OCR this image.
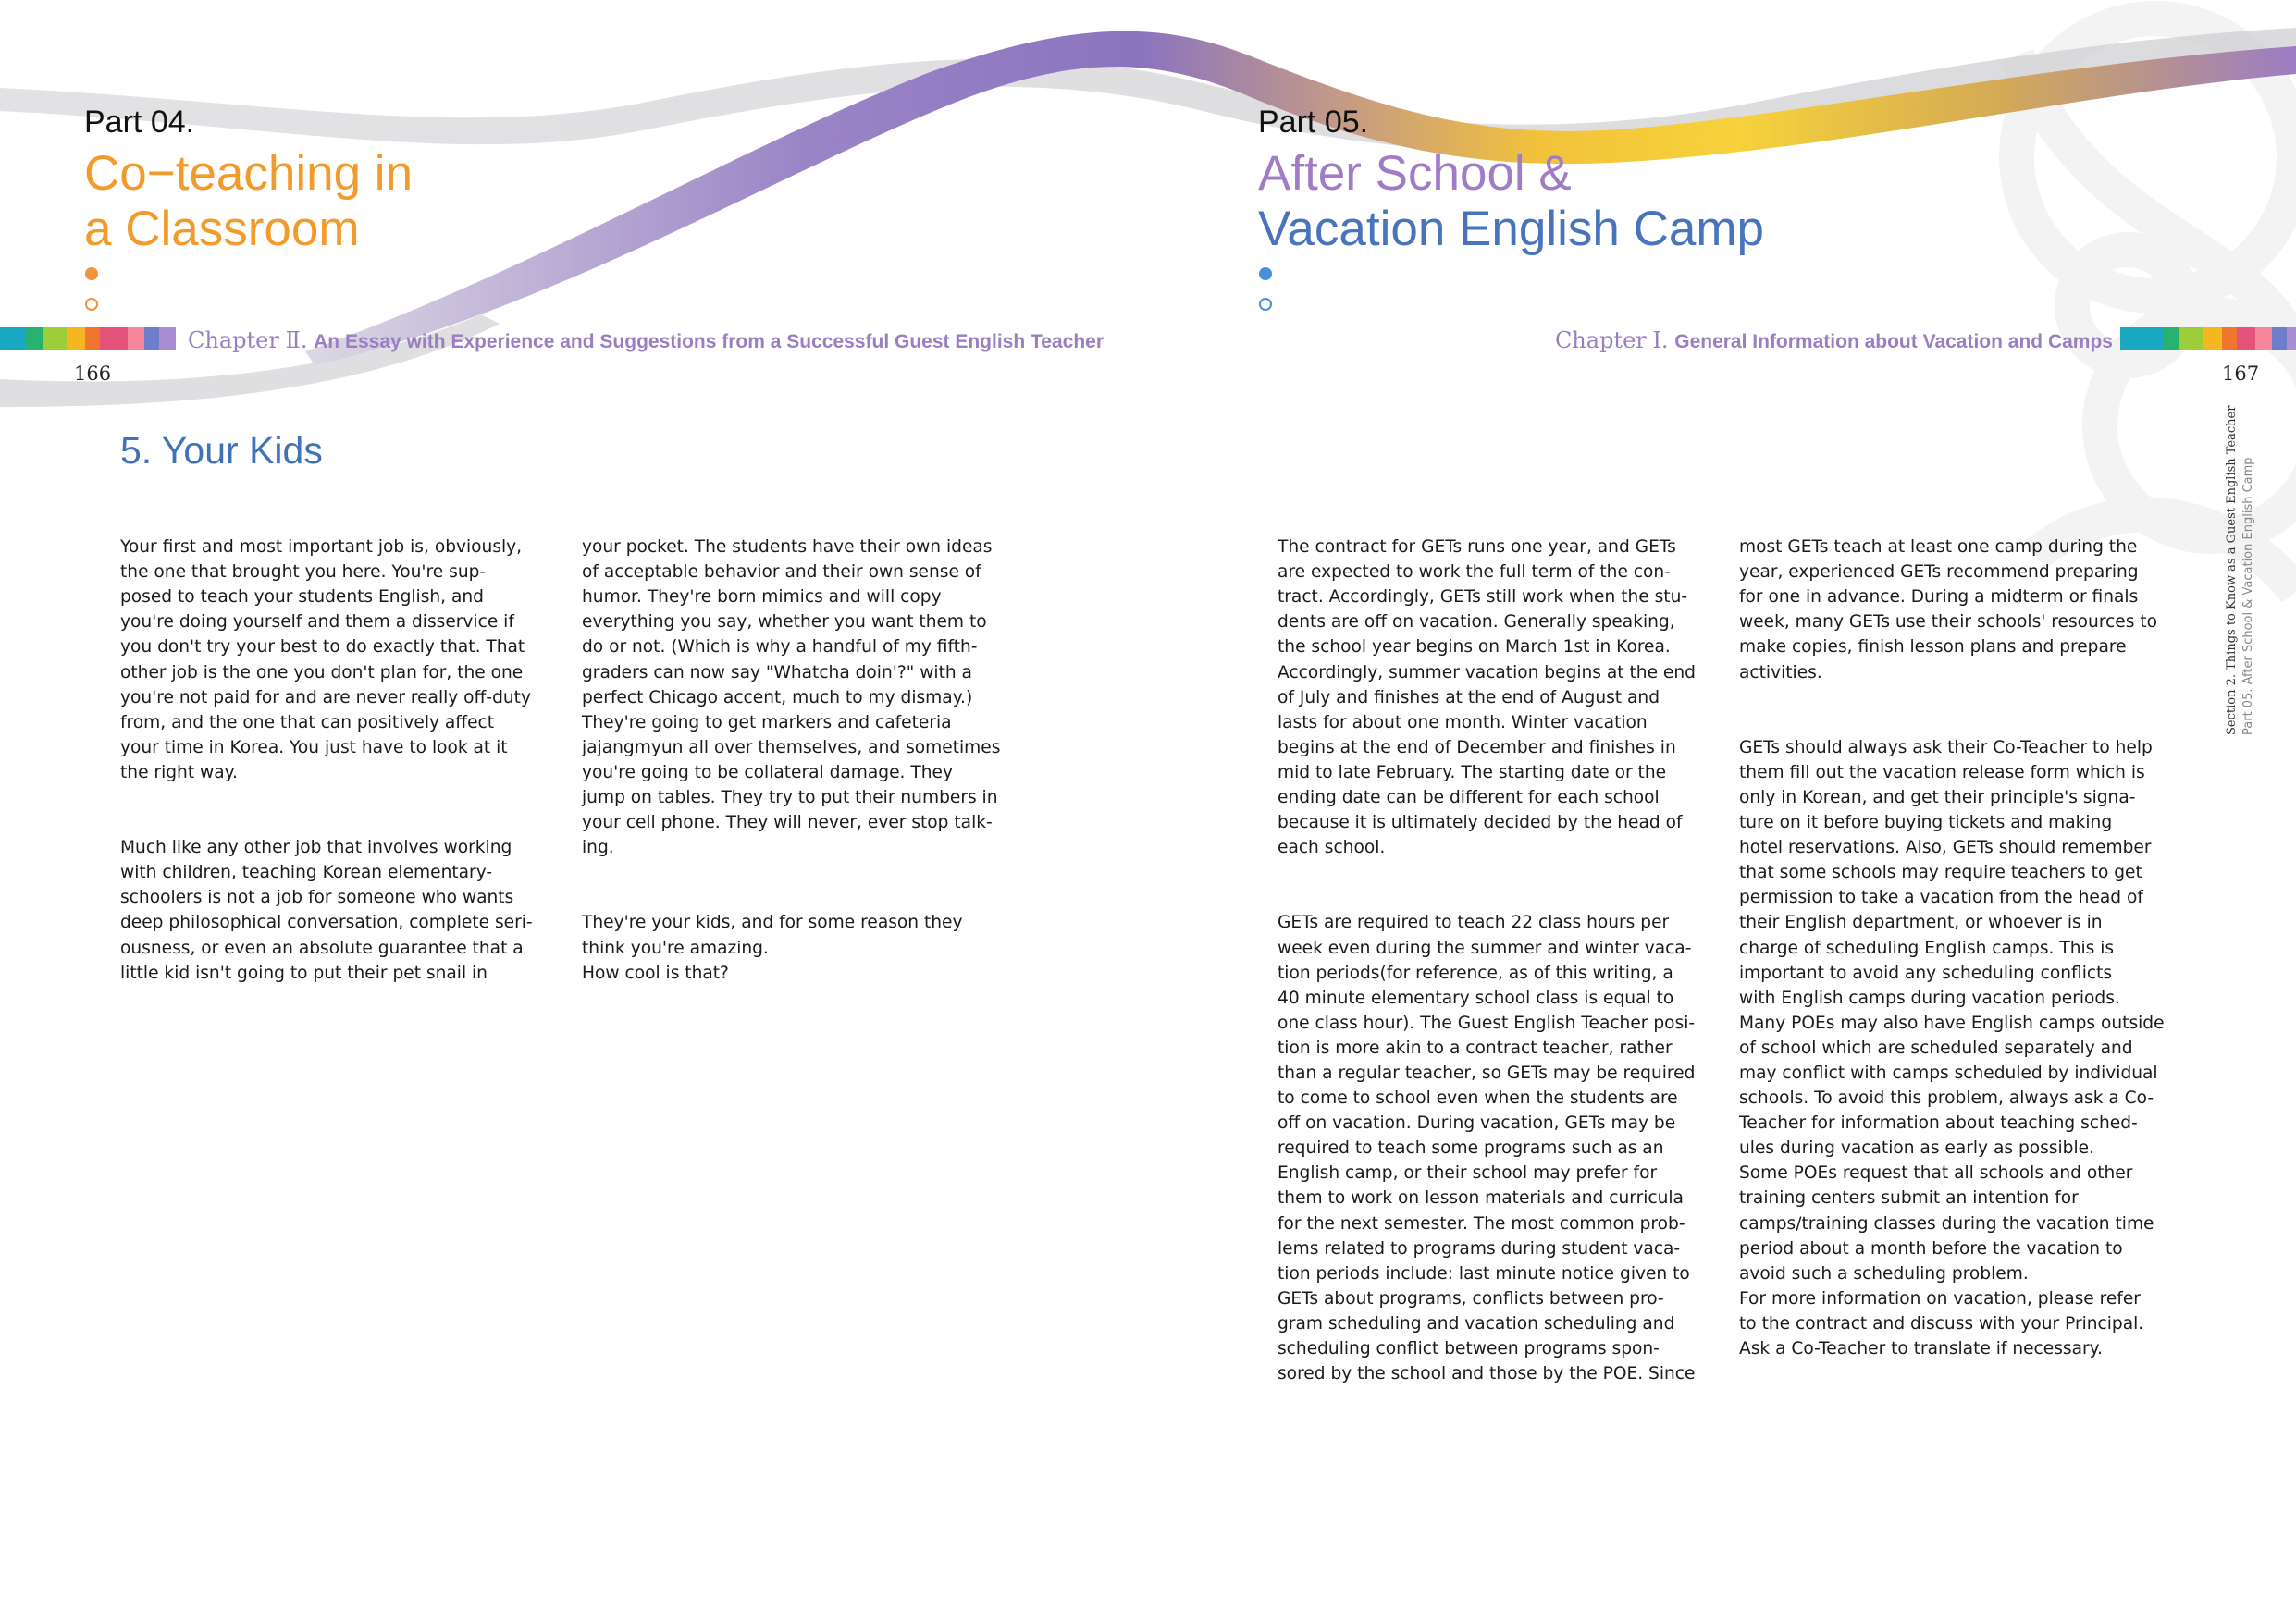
Part 04.
Co−teaching in
a Classroom
Chapter Ⅱ. An Essay with Experience and Suggestions from a Successful Guest English Teacher
166
5. Your Kids

Your first and most important job is, obviously,
the one that brought you here. You're sup-
posed to teach your students English, and
you're doing yourself and them a disservice if
you don't try your best to do exactly that. That
other job is the one you don't plan for, the one
you're not paid for and are never really off-duty
from, and the one that can positively affect
your time in Korea. You just have to look at it
the right way.

Much like any other job that involves working
with children, teaching Korean elementary-
schoolers is not a job for someone who wants
deep philosophical conversation, complete seri-
ousness, or even an absolute guarantee that a
little kid isn't going to put their pet snail in

your pocket. The students have their own ideas
of acceptable behavior and their own sense of
humor. They're born mimics and will copy
everything you say, whether you want them to
do or not. (Which is why a handful of my fifth-
graders can now say "Whatcha doin'?" with a
perfect Chicago accent, much to my dismay.)
They're going to get markers and cafeteria
jajangmyun all over themselves, and sometimes
you're going to be collateral damage. They
jump on tables. They try to put their numbers in
your cell phone. They will never, ever stop talk-
ing.

They're your kids, and for some reason they
think you're amazing.
How cool is that?

Part 05.
After School &
Vacation English Camp
Chapter Ⅰ. General Information about Vacation and Camps
167
Section 2. Things to Know as a Guest English Teacher Part 05. After School & Vacation English Camp

The contract for GETs runs one year, and GETs
are expected to work the full term of the con-
tract. Accordingly, GETs still work when the stu-
dents are off on vacation. Generally speaking,
the school year begins on March 1st in Korea.
Accordingly, summer vacation begins at the end
of July and finishes at the end of August and
lasts for about one month. Winter vacation
begins at the end of December and finishes in
mid to late February. The starting date or the
ending date can be different for each school
because it is ultimately decided by the head of
each school.

GETs are required to teach 22 class hours per
week even during the summer and winter vaca-
tion periods(for reference, as of this writing, a
40 minute elementary school class is equal to
one class hour). The Guest English Teacher posi-
tion is more akin to a contract teacher, rather
than a regular teacher, so GETs may be required
to come to school even when the students are
off on vacation. During vacation, GETs may be
required to teach some programs such as an
English camp, or their school may prefer for
them to work on lesson materials and curricula
for the next semester. The most common prob-
lems related to programs during student vaca-
tion periods include: last minute notice given to
GETs about programs, conflicts between pro-
gram scheduling and vacation scheduling and
scheduling conflict between programs spon-
sored by the school and those by the POE. Since

most GETs teach at least one camp during the
year, experienced GETs recommend preparing
for one in advance. During a midterm or finals
week, many GETs use their schools' resources to
make copies, finish lesson plans and prepare
activities.

GETs should always ask their Co-Teacher to help
them fill out the vacation release form which is
only in Korean, and get their principle's signa-
ture on it before buying tickets and making
hotel reservations. Also, GETs should remember
that some schools may require teachers to get
permission to take a vacation from the head of
their English department, or whoever is in
charge of scheduling English camps. This is
important to avoid any scheduling conflicts
with English camps during vacation periods.
Many POEs may also have English camps outside
of school which are scheduled separately and
may conflict with camps scheduled by individual
schools. To avoid this problem, always ask a Co-
Teacher for information about teaching sched-
ules during vacation as early as possible.
Some POEs request that all schools and other
training centers submit an intention for
camps/training classes during the vacation time
period about a month before the vacation to
avoid such a scheduling problem.
For more information on vacation, please refer
to the contract and discuss with your Principal.
Ask a Co-Teacher to translate if necessary.
